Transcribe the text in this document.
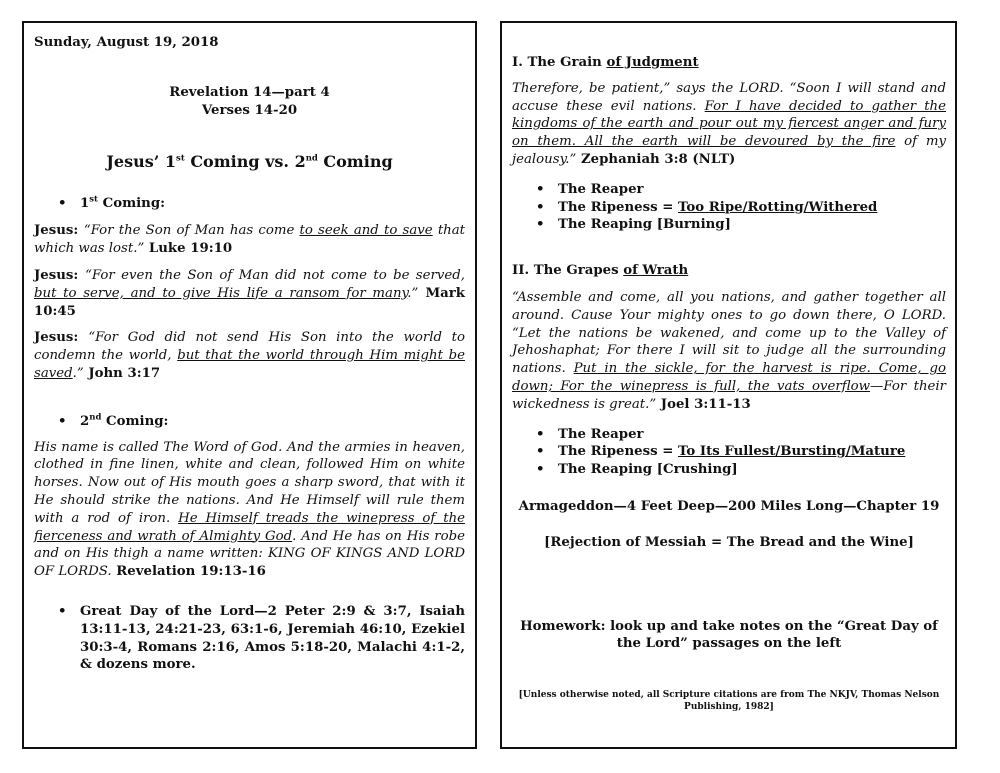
Sunday, August 19, 2018

Revelation 14—part 4
Verses 14-20

Jesus’ 1st Coming vs. 2nd Coming

• 1st Coming:

Jesus: “For the Son of Man has come to seek and to save that which was lost.” Luke 19:10

Jesus: “For even the Son of Man did not come to be served, but to serve, and to give His life a ransom for many.” Mark 10:45

Jesus: “For God did not send His Son into the world to condemn the world, but that the world through Him might be saved.” John 3:17

• 2nd Coming:

His name is called The Word of God. And the armies in heaven, clothed in fine linen, white and clean, followed Him on white horses. Now out of His mouth goes a sharp sword, that with it He should strike the nations. And He Himself will rule them with a rod of iron. He Himself treads the winepress of the fierceness and wrath of Almighty God. And He has on His robe and on His thigh a name written: KING OF KINGS AND LORD OF LORDS. Revelation 19:13-16

• Great Day of the Lord—2 Peter 2:9 & 3:7, Isaiah 13:11-13, 24:21-23, 63:1-6, Jeremiah 46:10, Ezekiel 30:3-4, Romans 2:16, Amos 5:18-20, Malachi 4:1-2, & dozens more.

I. The Grain of Judgment

Therefore, be patient,” says the LORD. “Soon I will stand and accuse these evil nations. For I have decided to gather the kingdoms of the earth and pour out my fiercest anger and fury on them. All the earth will be devoured by the fire of my jealousy.” Zephaniah 3:8 (NLT)

• The Reaper
• The Ripeness = Too Ripe/Rotting/Withered
• The Reaping [Burning]

II. The Grapes of Wrath

“Assemble and come, all you nations, and gather together all around. Cause Your mighty ones to go down there, O LORD. “Let the nations be wakened, and come up to the Valley of Jehoshaphat; For there I will sit to judge all the surrounding nations. Put in the sickle, for the harvest is ripe. Come, go down; For the winepress is full, the vats overflow—For their wickedness is great.” Joel 3:11-13

• The Reaper
• The Ripeness = To Its Fullest/Bursting/Mature
• The Reaping [Crushing]

Armageddon—4 Feet Deep—200 Miles Long—Chapter 19

[Rejection of Messiah = The Bread and the Wine]

Homework: look up and take notes on the “Great Day of the Lord” passages on the left

[Unless otherwise noted, all Scripture citations are from The NKJV, Thomas Nelson Publishing, 1982]
